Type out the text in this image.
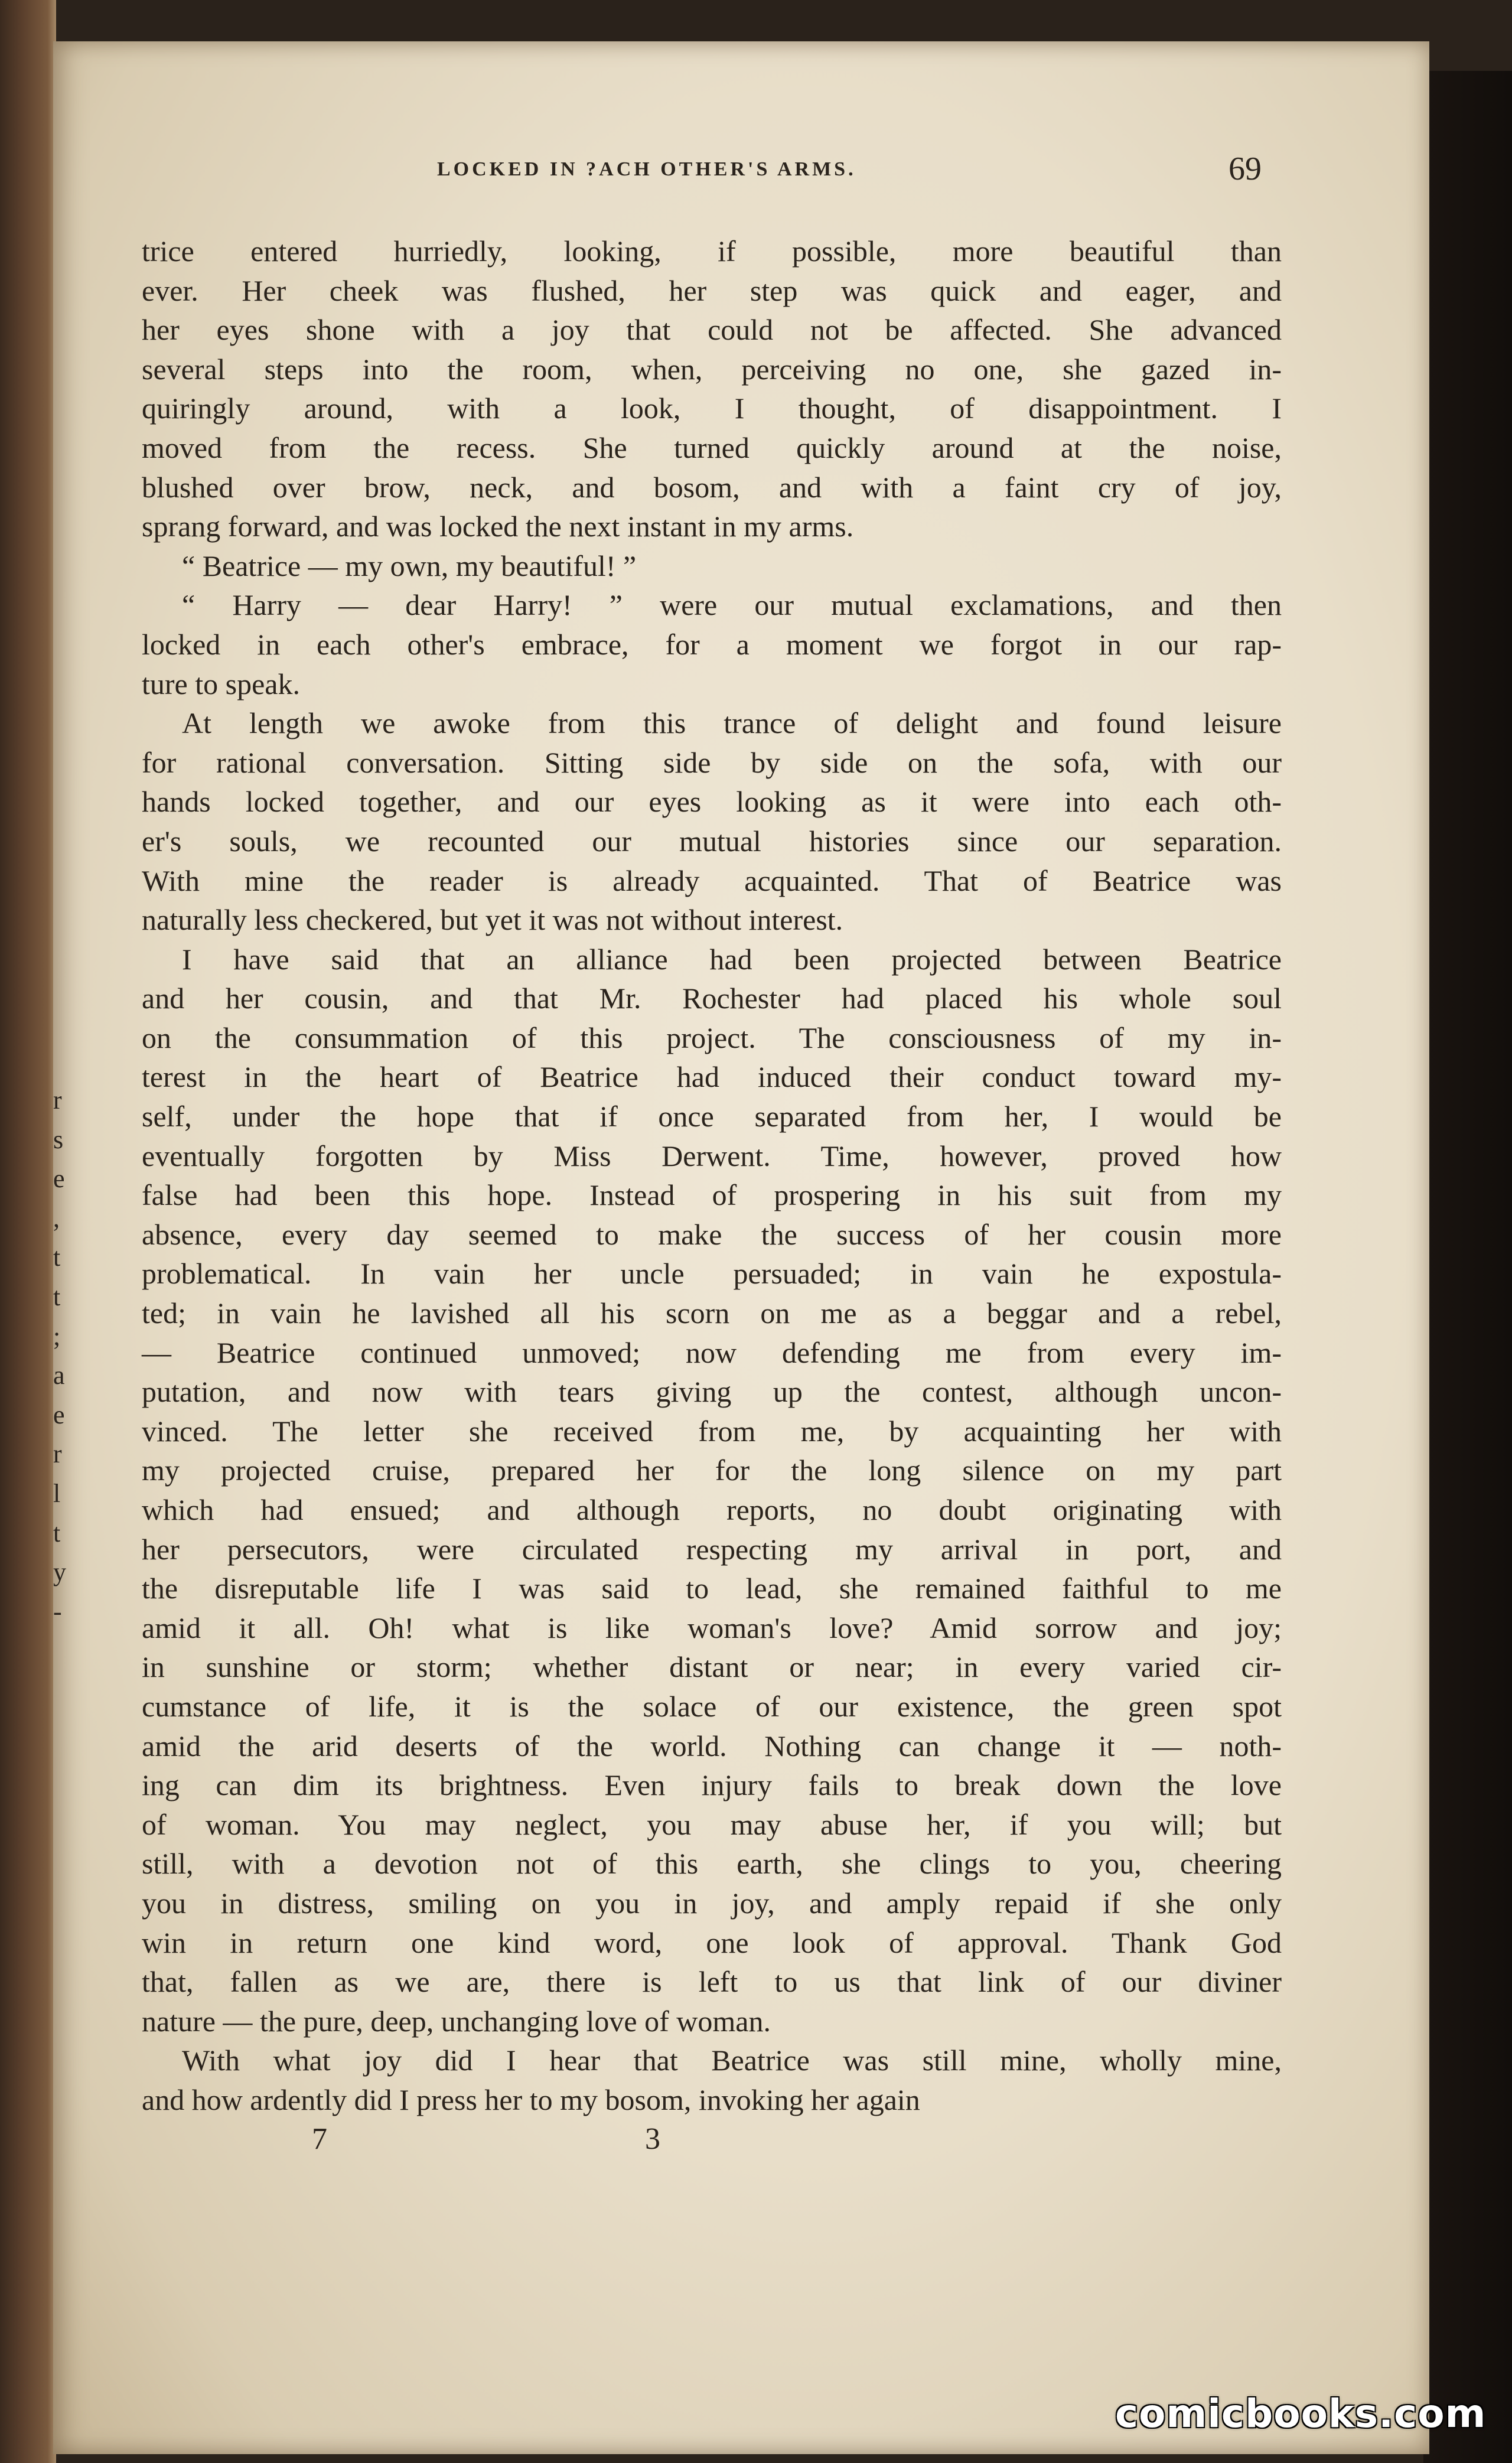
r
s
e
,
t
t
;
a
e
r
l
t
y
-
LOCKED IN ?ACH OTHER'S ARMS.	69
trice entered hurriedly, looking, if possible, more beautiful than
ever. Her cheek was flushed, her step was quick and eager, and
her eyes shone with a joy that could not be affected. She advanced
several steps into the room, when, perceiving no one, she gazed in-
quiringly around, with a look, I thought, of disappointment. I
moved from the recess. She turned quickly around at the noise,
blushed over brow, neck, and bosom, and with a faint cry of joy,
sprang forward, and was locked the next instant in my arms.
“ Beatrice — my own, my beautiful! ”
“ Harry — dear Harry! ” were our mutual exclamations, and then
locked in each other's embrace, for a moment we forgot in our rap-
ture to speak.
At length we awoke from this trance of delight and found leisure
for rational conversation. Sitting side by side on the sofa, with our
hands locked together, and our eyes looking as it were into each oth-
er's souls, we recounted our mutual histories since our separation.
With mine the reader is already acquainted. That of Beatrice was
naturally less checkered, but yet it was not without interest.
I have said that an alliance had been projected between Beatrice
and her cousin, and that Mr. Rochester had placed his whole soul
on the consummation of this project. The consciousness of my in-
terest in the heart of Beatrice had induced their conduct toward my-
self, under the hope that if once separated from her, I would be
eventually forgotten by Miss Derwent. Time, however, proved how
false had been this hope. Instead of prospering in his suit from my
absence, every day seemed to make the success of her cousin more
problematical. In vain her uncle persuaded; in vain he expostula-
ted; in vain he lavished all his scorn on me as a beggar and a rebel,
— Beatrice continued unmoved; now defending me from every im-
putation, and now with tears giving up the contest, although uncon-
vinced. The letter she received from me, by acquainting her with
my projected cruise, prepared her for the long silence on my part
which had ensued; and although reports, no doubt originating with
her persecutors, were circulated respecting my arrival in port, and
the disreputable life I was said to lead, she remained faithful to me
amid it all. Oh! what is like woman's love? Amid sorrow and joy;
in sunshine or storm; whether distant or near; in every varied cir-
cumstance of life, it is the solace of our existence, the green spot
amid the arid deserts of the world. Nothing can change it — noth-
ing can dim its brightness. Even injury fails to break down the love
of woman. You may neglect, you may abuse her, if you will; but
still, with a devotion not of this earth, she clings to you, cheering
you in distress, smiling on you in joy, and amply repaid if she only
win in return one kind word, one look of approval. Thank God
that, fallen as we are, there is left to us that link of our diviner
nature — the pure, deep, unchanging love of woman.
With what joy did I hear that Beatrice was still mine, wholly mine,
and how ardently did I press her to my bosom, invoking her again
7	3
comicbooks.com
